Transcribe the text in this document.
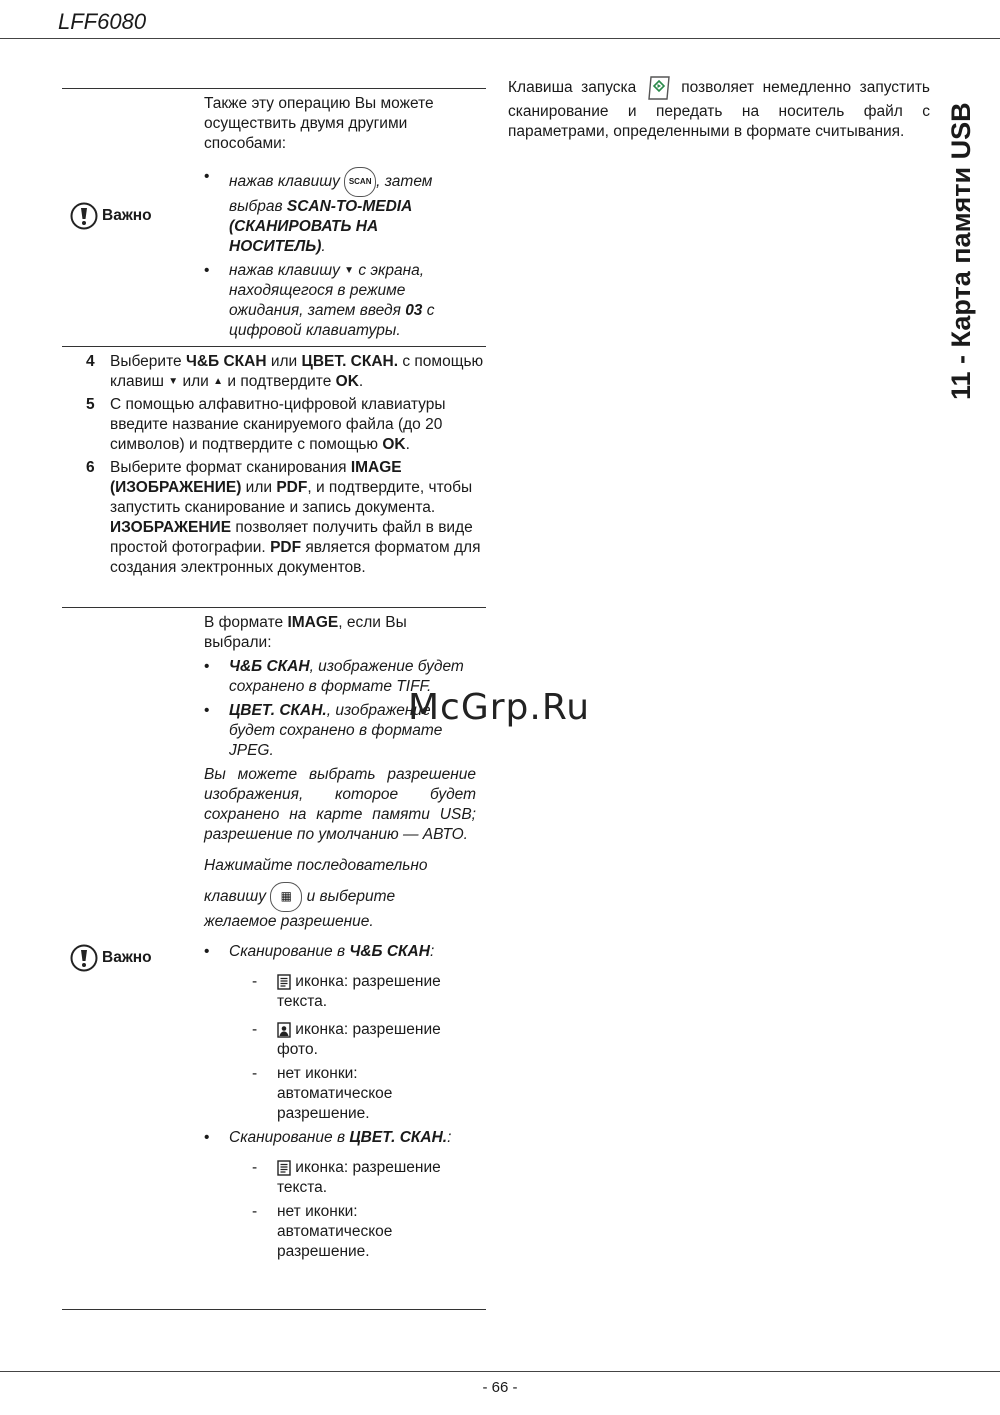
LFF6080
- 66 -
11 - Карта памяти USB
Важно

Также эту операцию Вы можете осуществить двумя другими способами:

• нажав клавишу SCAN , затем выбрав SCAN-TO-MEDIA (СКАНИРОВАТЬ НА НОСИТЕЛЬ).

• нажав клавишу ▼ с экрана, находящегося в режиме ожидания, затем введя 03 с цифровой клавиатуры.

4 Выберите Ч&Б СКАН или ЦВЕТ. СКАН. с помощью клавиш ▼ или ▲ и подтвердите OK.
5 С помощью алфавитно-цифровой клавиатуры введите название сканируемого файла (до 20 символов) и подтвердите с помощью OK.
6 Выберите формат сканирования IMAGE (ИЗОБРАЖЕНИЕ) или PDF, и подтвердите, чтобы запустить сканирование и запись документа. ИЗОБРАЖЕНИЕ позволяет получить файл в виде простой фотографии. PDF является форматом для создания электронных документов.
Важно

В формате IMAGE, если Вы выбрали:

• Ч&Б СКАН, изображение будет сохранено в формате TIFF.

• ЦВЕТ. СКАН., изображение будет сохранено в формате JPEG.

Вы можете выбрать разрешение изображения, которое будет сохранено на карте памяти USB; разрешение по умолчанию — АВТО.

Нажимайте последовательно

клавишу ▦ и выберите

желаемое разрешение.

• Сканирование в Ч&Б СКАН:

- иконка: разрешение текста.

- иконка: разрешение фото.

- нет иконки: автоматическое разрешение.

• Сканирование в ЦВЕТ. СКАН.:

- иконка: разрешение текста.

- нет иконки: автоматическое разрешение.

Клавиша запуска  позволяет немедленно запустить сканирование и передать на носитель файл с параметрами, определенными в формате считывания.
McGrp.Ru
